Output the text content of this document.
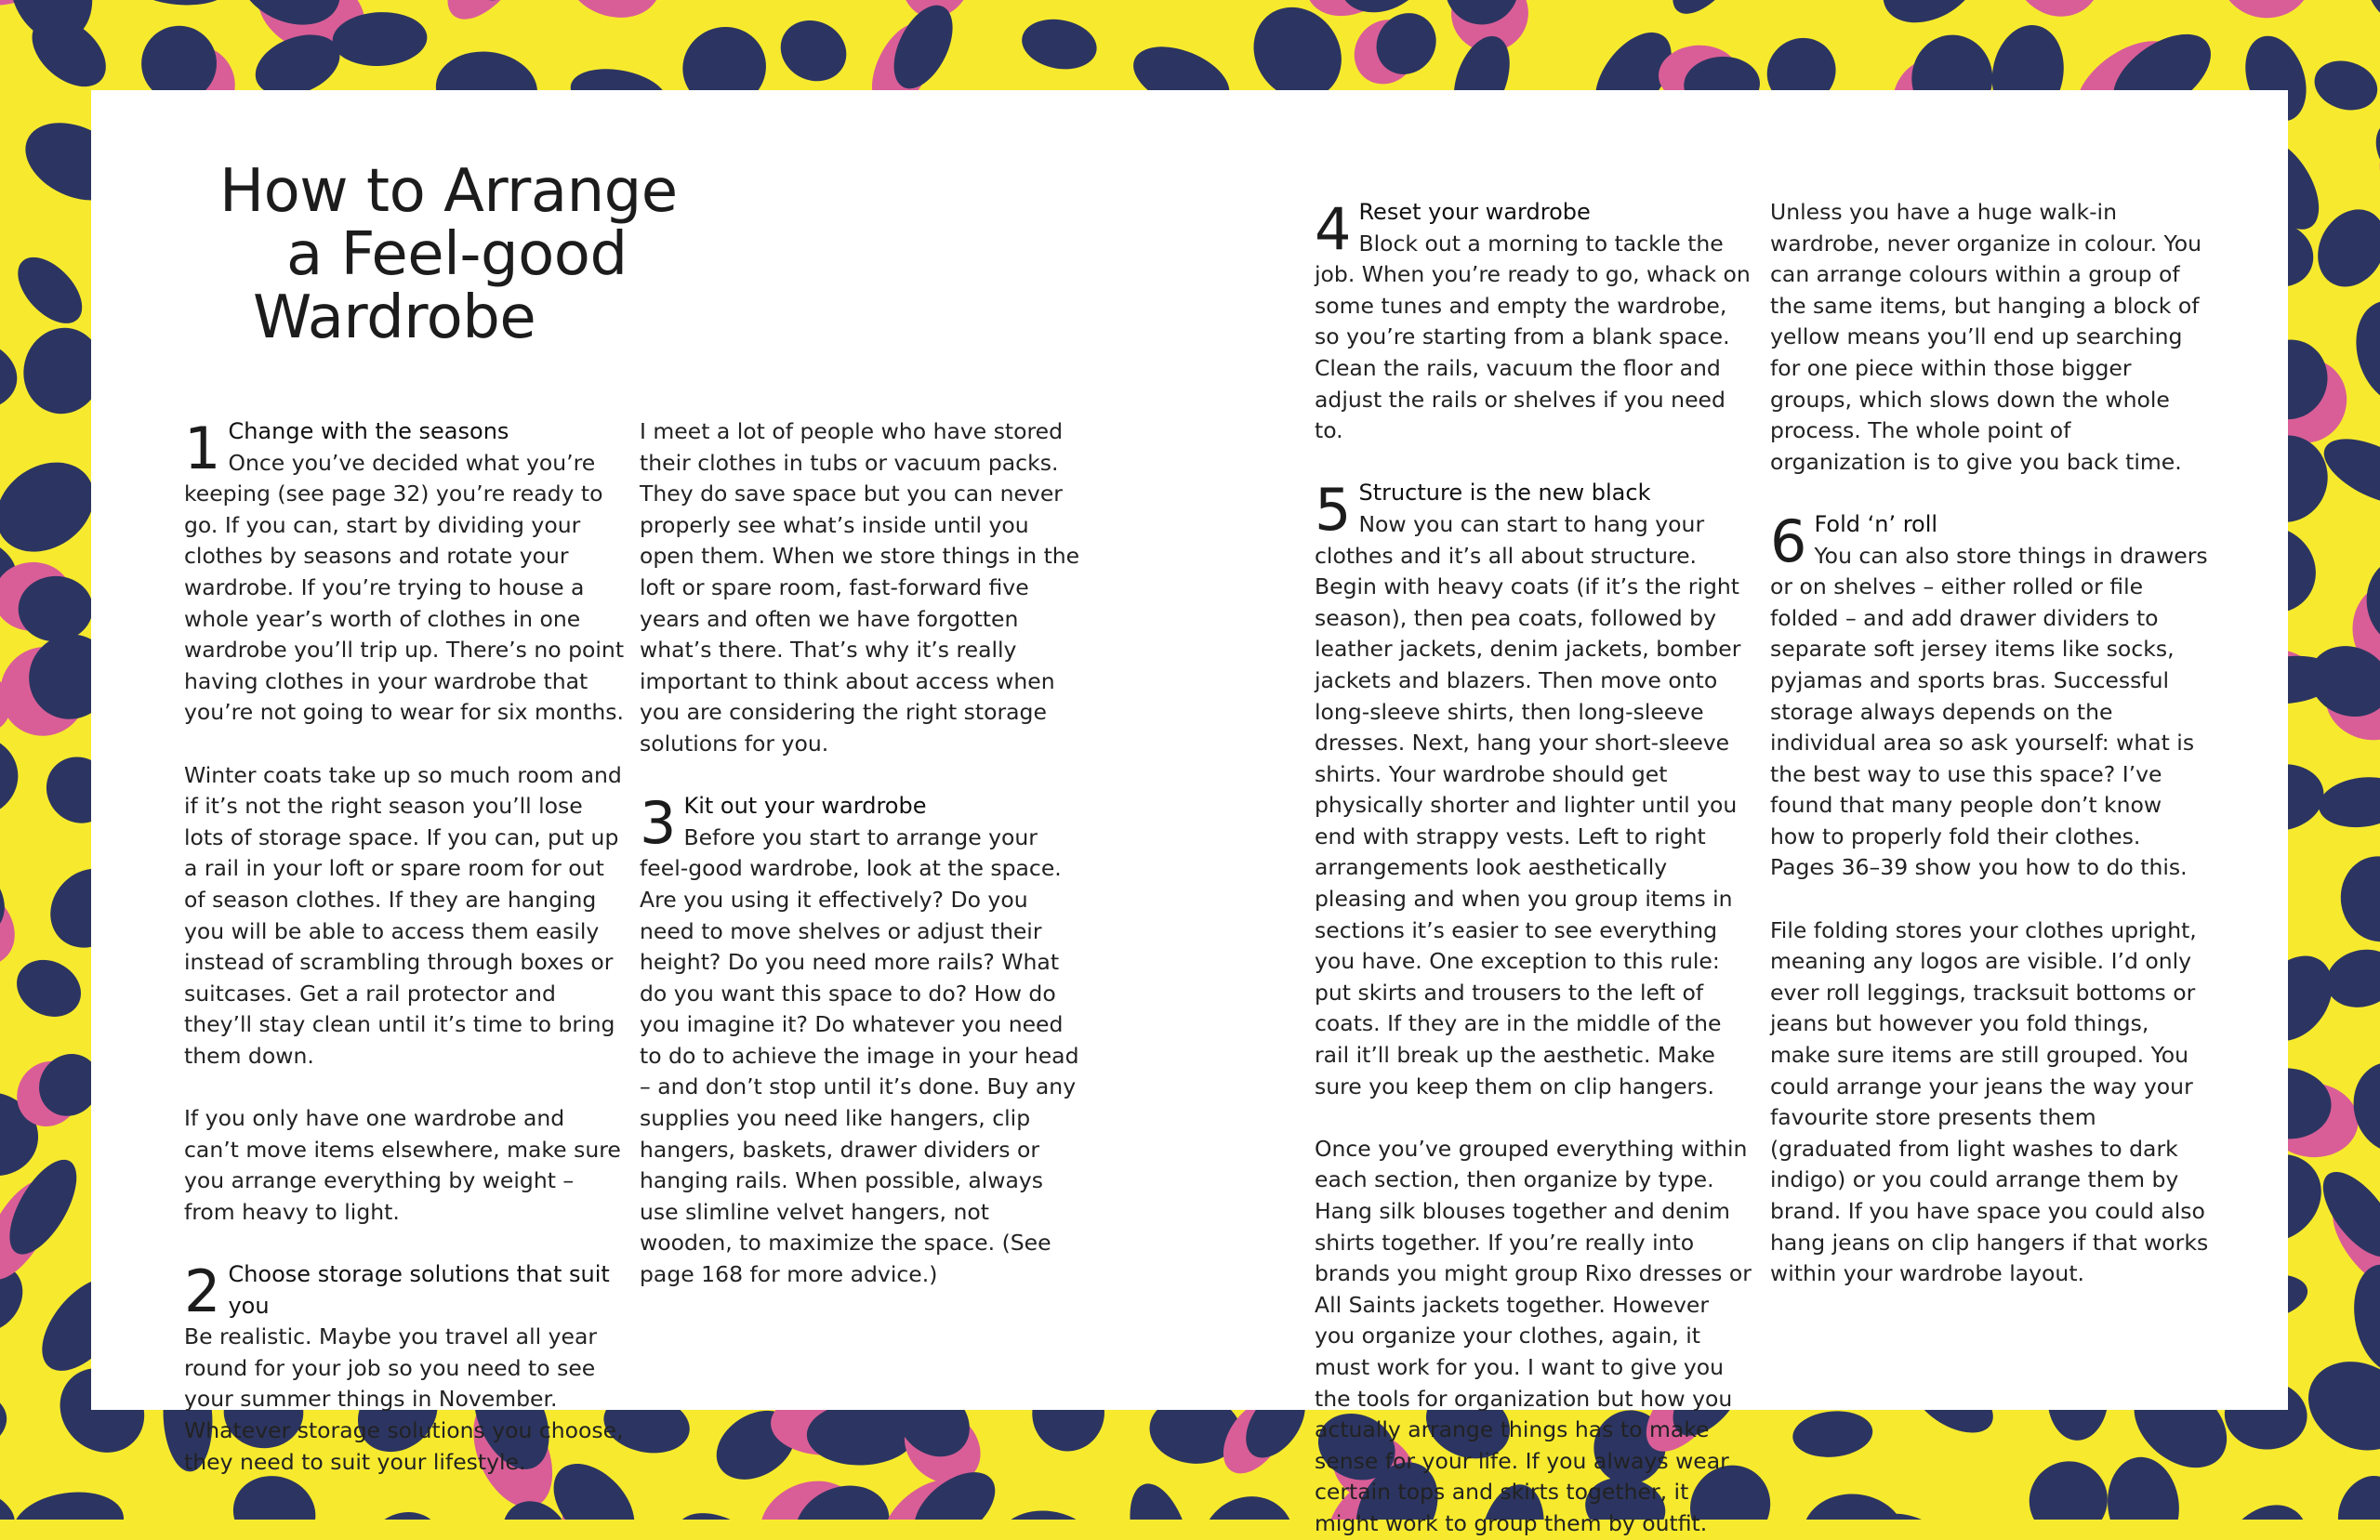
How to Arrange
a Feel-good
Wardrobe
1 Change with the seasons

Once you’ve decided what you’re keeping (see page 32) you’re ready to go. If you can, start by dividing your clothes by seasons and rotate your wardrobe. If you’re trying to house a whole year’s worth of clothes in one wardrobe you’ll trip up. There’s no point having clothes in your wardrobe that you’re not going to wear for six months.

Winter coats take up so much room and if it’s not the right season you’ll lose lots of storage space. If you can, put up a rail in your loft or spare room for out of season clothes. If they are hanging you will be able to access them easily instead of scrambling through boxes or suitcases. Get a rail protector and they’ll stay clean until it’s time to bring them down.

If you only have one wardrobe and can’t move items elsewhere, make sure you arrange everything by weight – from heavy to light.

2 Choose storage solutions that suit you

Be realistic. Maybe you travel all year round for your job so you need to see your summer things in November. Whatever storage solutions you choose, they need to suit your lifestyle.

I meet a lot of people who have stored their clothes in tubs or vacuum packs. They do save space but you can never properly see what’s inside until you open them. When we store things in the loft or spare room, fast-forward five years and often we have forgotten what’s there. That’s why it’s really important to think about access when you are considering the right storage solutions for you.

3 Kit out your wardrobe

Before you start to arrange your feel-good wardrobe, look at the space. Are you using it effectively? Do you need to move shelves or adjust their height? Do you need more rails? What do you want this space to do? How do you imagine it? Do whatever you need to do to achieve the image in your head – and don’t stop until it’s done. Buy any supplies you need like hangers, clip hangers, baskets, drawer dividers or hanging rails. When possible, always use slimline velvet hangers, not wooden, to maximize the space. (See page 168 for more advice.)

4 Reset your wardrobe

Block out a morning to tackle the job. When you’re ready to go, whack on some tunes and empty the wardrobe, so you’re starting from a blank space. Clean the rails, vacuum the floor and adjust the rails or shelves if you need to.

5 Structure is the new black

Now you can start to hang your clothes and it’s all about structure. Begin with heavy coats (if it’s the right season), then pea coats, followed by leather jackets, denim jackets, bomber jackets and blazers. Then move onto long-sleeve shirts, then long-sleeve dresses. Next, hang your short-sleeve shirts. Your wardrobe should get physically shorter and lighter until you end with strappy vests. Left to right arrangements look aesthetically pleasing and when you group items in sections it’s easier to see everything you have. One exception to this rule: put skirts and trousers to the left of coats. If they are in the middle of the rail it’ll break up the aesthetic. Make sure you keep them on clip hangers.

Once you’ve grouped everything within each section, then organize by type. Hang silk blouses together and denim shirts together. If you’re really into brands you might group Rixo dresses or All Saints jackets together. However you organize your clothes, again, it must work for you. I want to give you the tools for organization but how you actually arrange things has to make sense for your life. If you always wear certain tops and skirts together, it might work to group them by outfit.

Unless you have a huge walk-in wardrobe, never organize in colour. You can arrange colours within a group of the same items, but hanging a block of yellow means you’ll end up searching for one piece within those bigger groups, which slows down the whole process. The whole point of organization is to give you back time.

6 Fold ‘n’ roll

You can also store things in drawers or on shelves – either rolled or file folded – and add drawer dividers to separate soft jersey items like socks, pyjamas and sports bras. Successful storage always depends on the individual area so ask yourself: what is the best way to use this space? I’ve found that many people don’t know how to properly fold their clothes. Pages 36–39 show you how to do this.

File folding stores your clothes upright, meaning any logos are visible. I’d only ever roll leggings, tracksuit bottoms or jeans but however you fold things, make sure items are still grouped. You could arrange your jeans the way your favourite store presents them (graduated from light washes to dark indigo) or you could arrange them by brand. If you have space you could also hang jeans on clip hangers if that works within your wardrobe layout.
